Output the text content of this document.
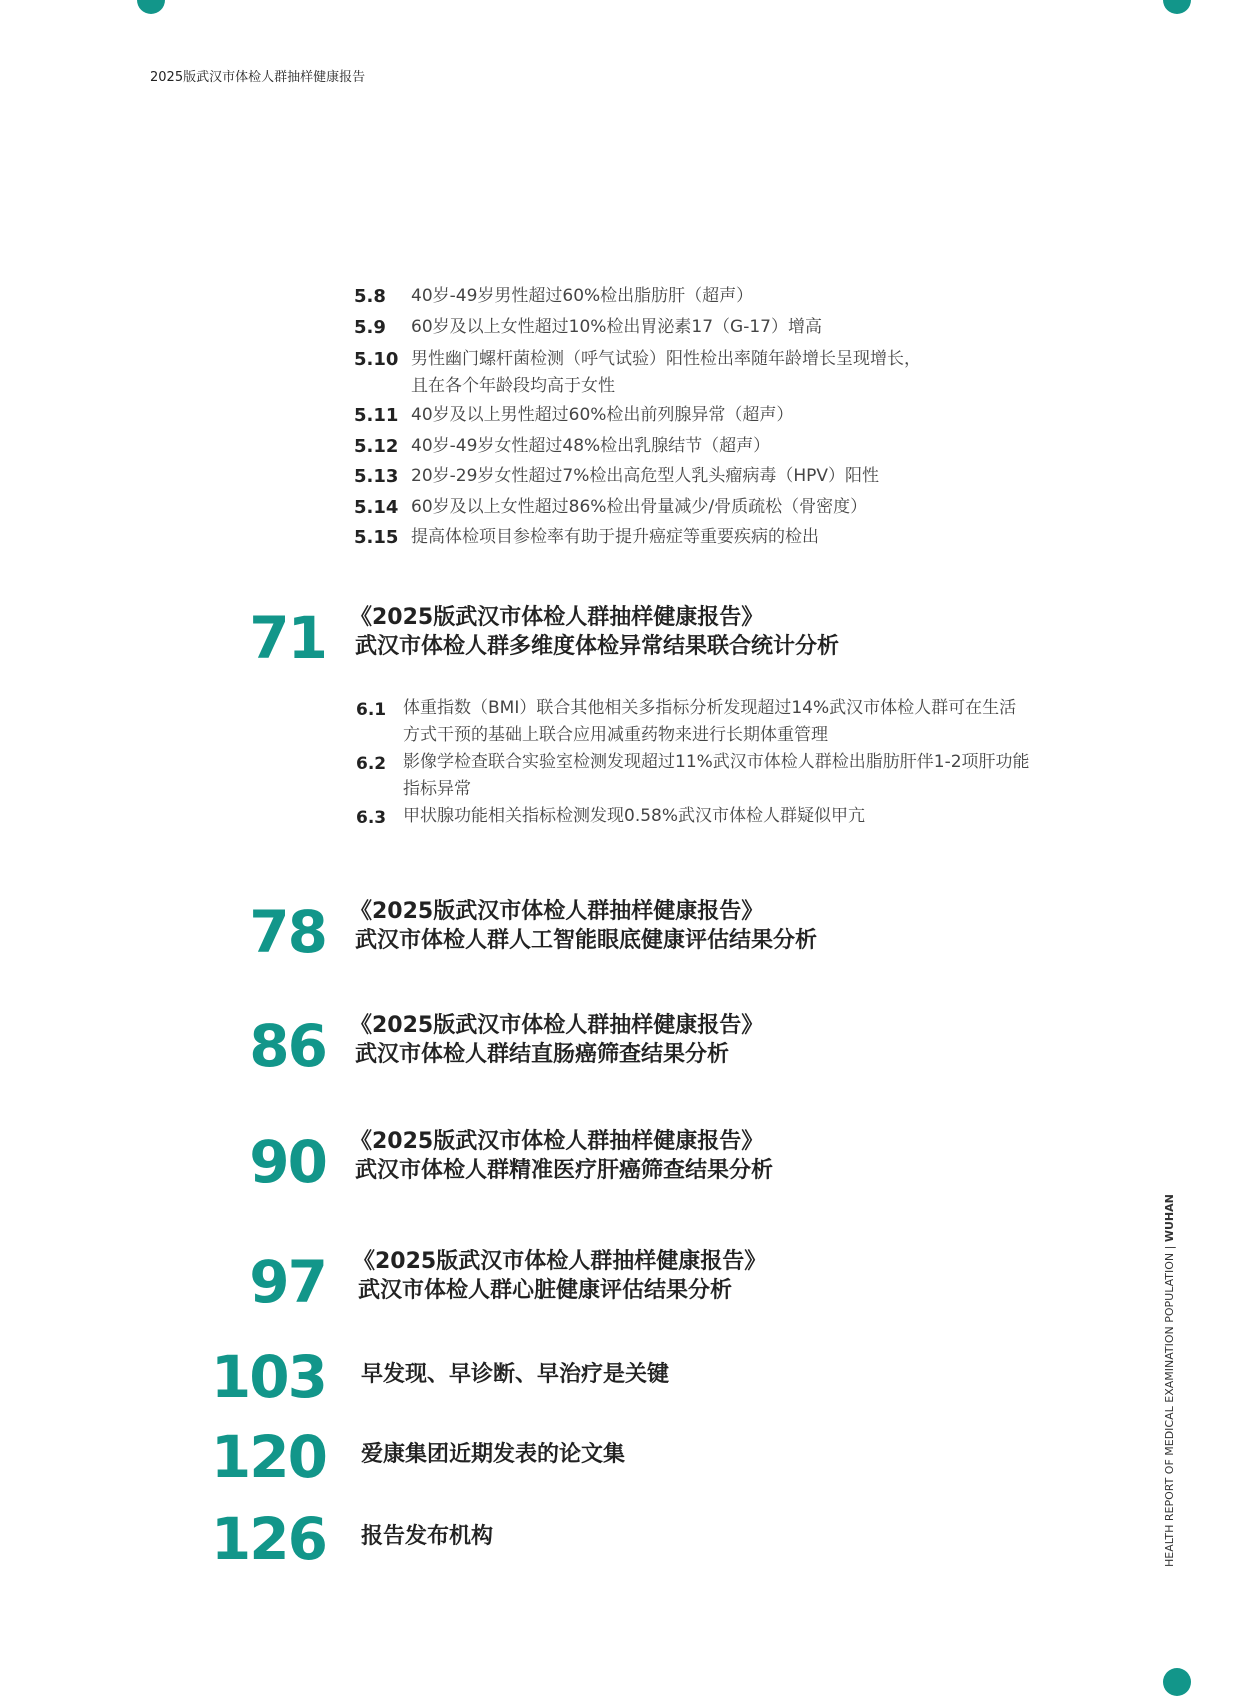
2025版武汉市体检人群抽样健康报告
5.8 40岁-49岁男性超过60%检出脂肪肝（超声）
5.9 60岁及以上女性超过10%检出胃泌素17（G-17）增高
5.10 男性幽门螺杆菌检测（呼气试验）阳性检出率随年龄增长呈现增长，
且在各个年龄段均高于女性
5.11 40岁及以上男性超过60%检出前列腺异常（超声）
5.12 40岁-49岁女性超过48%检出乳腺结节（超声）
5.13 20岁-29岁女性超过7%检出高危型人乳头瘤病毒（HPV）阳性
5.14 60岁及以上女性超过86%检出骨量减少/骨质疏松（骨密度）
5.15 提高体检项目参检率有助于提升癌症等重要疾病的检出
71 《2025版武汉市体检人群抽样健康报告》
武汉市体检人群多维度体检异常结果联合统计分析
6.1 体重指数（BMI）联合其他相关多指标分析发现超过14%武汉市体检人群可在生活
方式干预的基础上联合应用减重药物来进行长期体重管理
6.2 影像学检查联合实验室检测发现超过11%武汉市体检人群检出脂肪肝伴1-2项肝功能
指标异常
6.3 甲状腺功能相关指标检测发现0.58%武汉市体检人群疑似甲亢
78 《2025版武汉市体检人群抽样健康报告》
武汉市体检人群人工智能眼底健康评估结果分析
86 《2025版武汉市体检人群抽样健康报告》
武汉市体检人群结直肠癌筛查结果分析
90 《2025版武汉市体检人群抽样健康报告》
武汉市体检人群精准医疗肝癌筛查结果分析
97 《2025版武汉市体检人群抽样健康报告》
武汉市体检人群心脏健康评估结果分析
103 早发现、早诊断、早治疗是关键
120 爱康集团近期发表的论文集
126 报告发布机构	HEALTH REPORT OF MEDICAL EXAMINATION POPULATION | WUHAN
